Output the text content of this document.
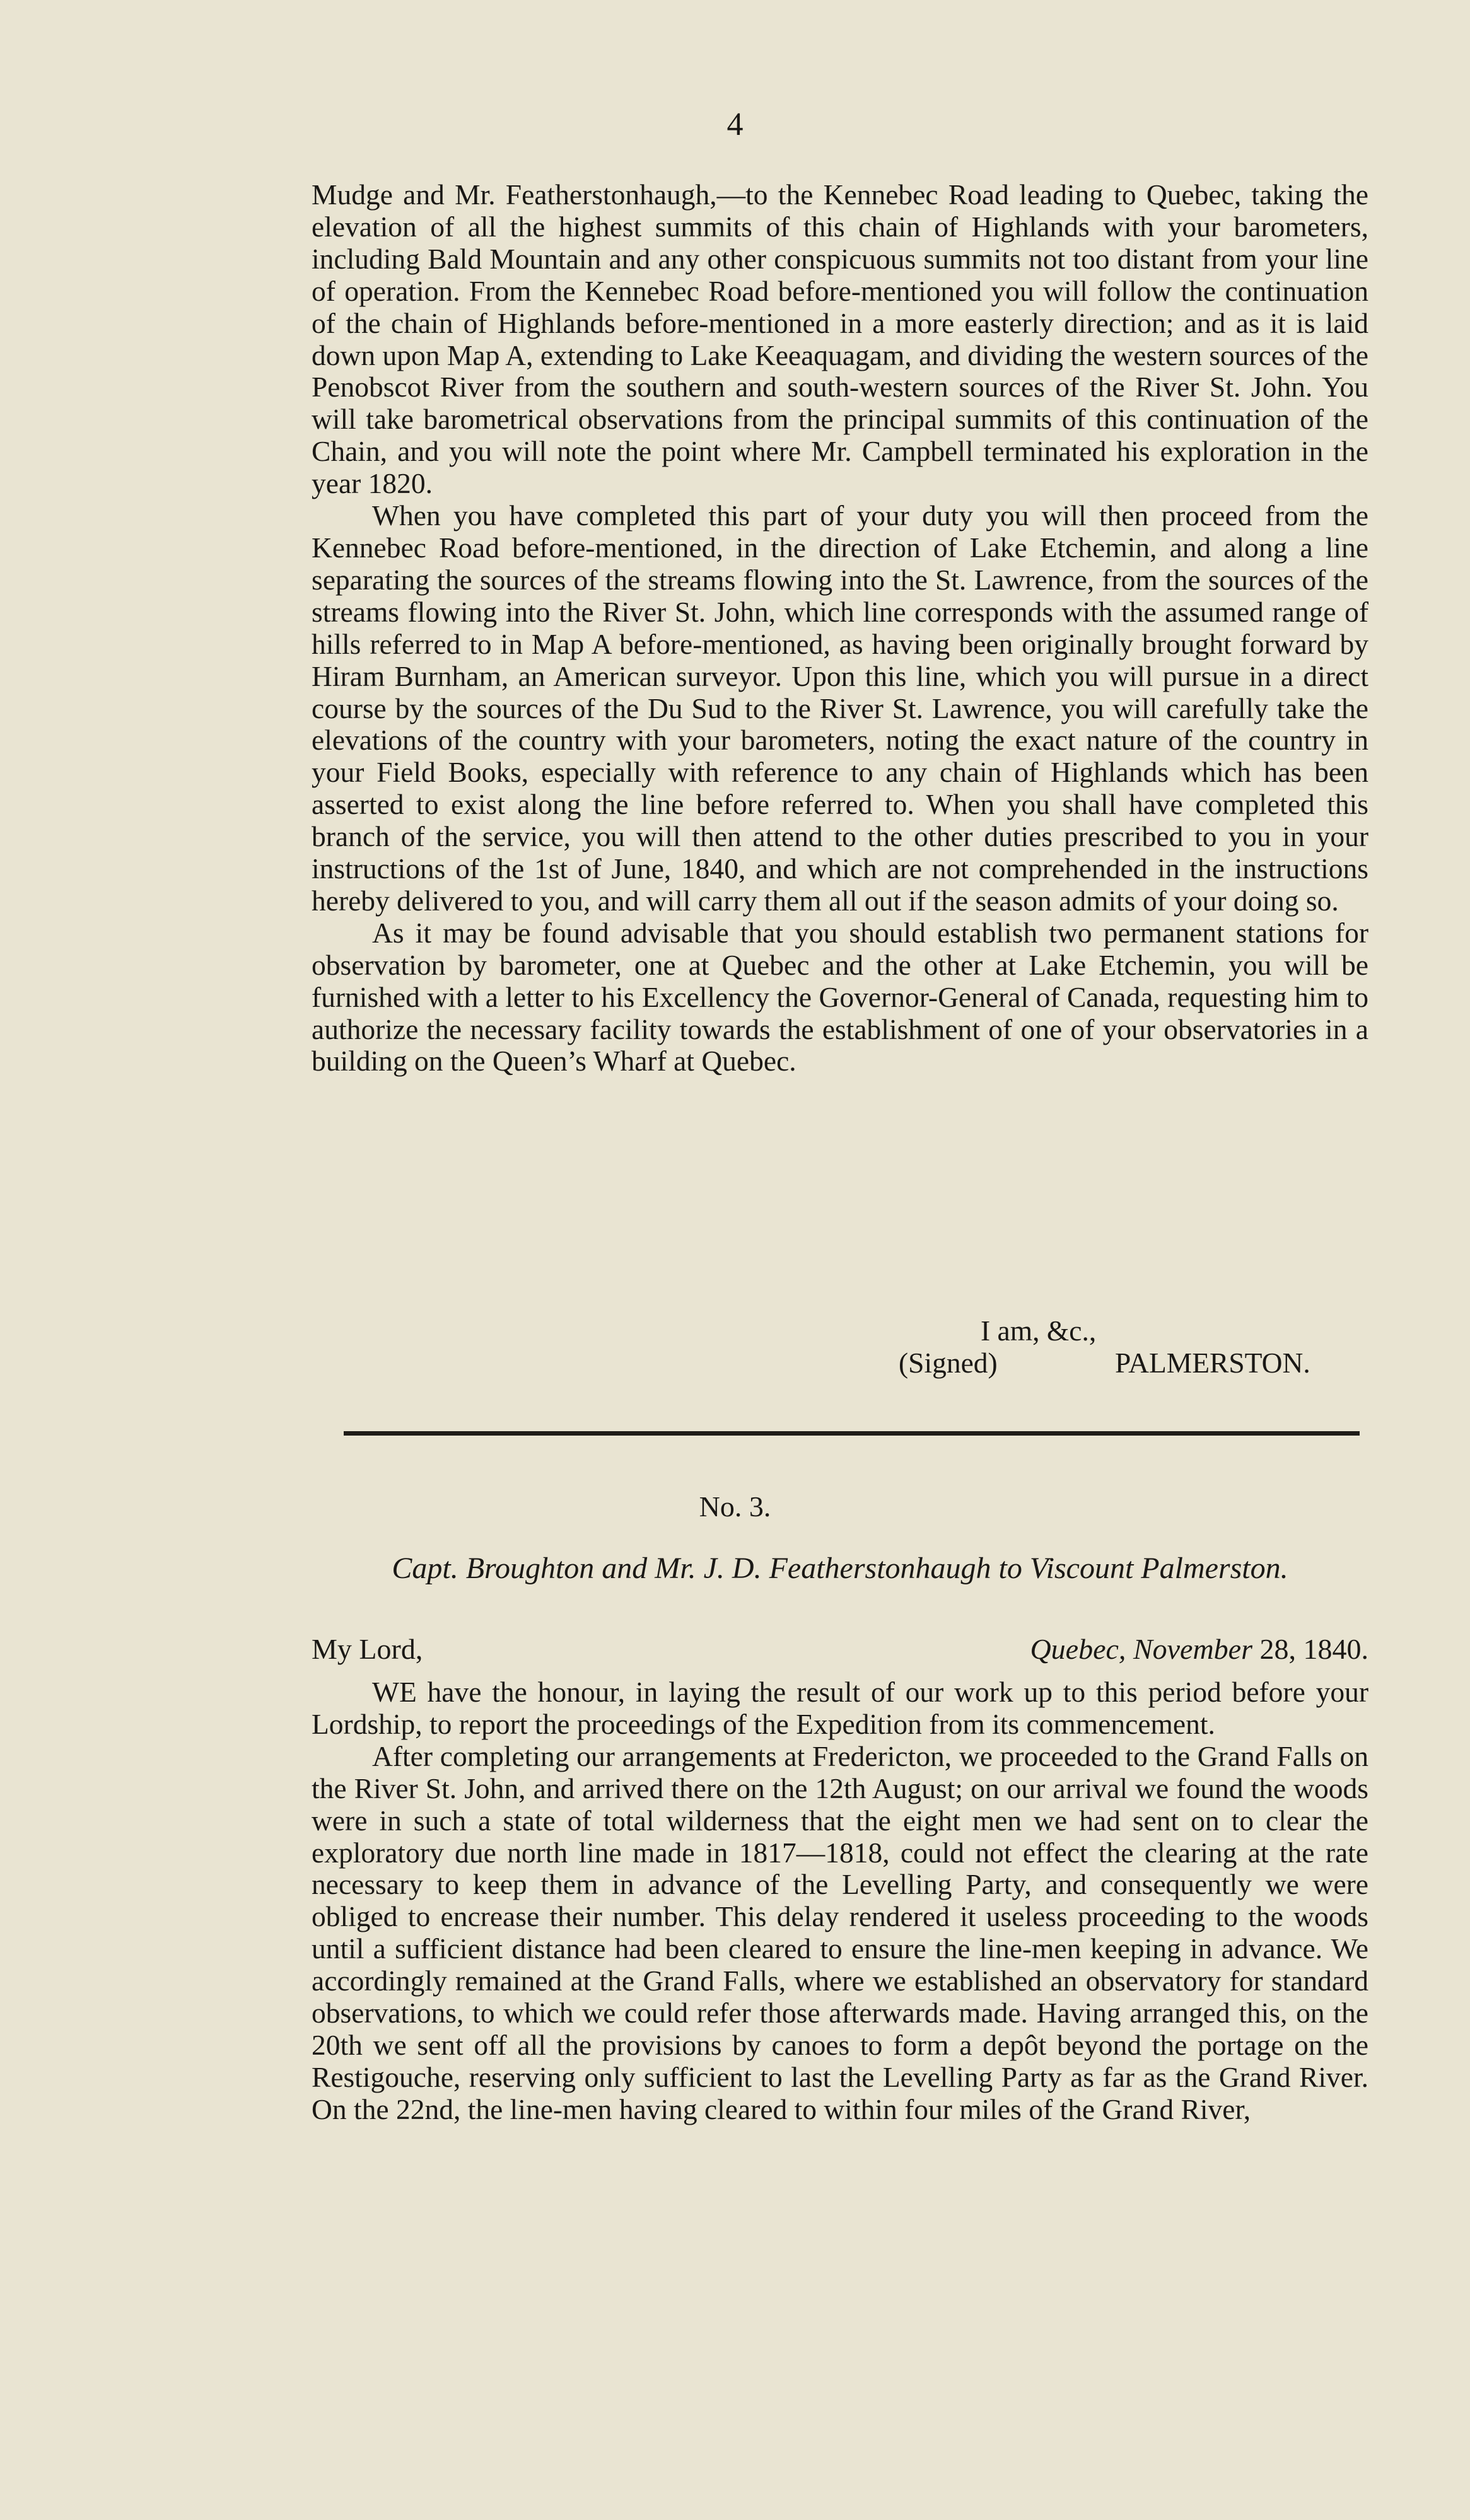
4

Mudge and Mr. Featherstonhaugh,—to the Kennebec Road leading to Quebec, taking the elevation of all the highest summits of this chain of Highlands with your barometers, including Bald Mountain and any other conspicuous summits not too distant from your line of operation. From the Kennebec Road before-mentioned you will follow the continuation of the chain of Highlands before-mentioned in a more easterly direction; and as it is laid down upon Map A, extending to Lake Keeaquagam, and dividing the western sources of the Penobscot River from the southern and south-western sources of the River St. John. You will take barometrical observations from the principal summits of this continuation of the Chain, and you will note the point where Mr. Campbell terminated his exploration in the year 1820.

When you have completed this part of your duty you will then proceed from the Kennebec Road before-mentioned, in the direction of Lake Etchemin, and along a line separating the sources of the streams flowing into the St. Lawrence, from the sources of the streams flowing into the River St. John, which line corresponds with the assumed range of hills referred to in Map A before-mentioned, as having been originally brought forward by Hiram Burnham, an American surveyor. Upon this line, which you will pursue in a direct course by the sources of the Du Sud to the River St. Lawrence, you will carefully take the elevations of the country with your barometers, noting the exact nature of the country in your Field Books, especially with reference to any chain of Highlands which has been asserted to exist along the line before referred to. When you shall have completed this branch of the service, you will then attend to the other duties prescribed to you in your instructions of the 1st of June, 1840, and which are not comprehended in the instructions hereby delivered to you, and will carry them all out if the season admits of your doing so.

As it may be found advisable that you should establish two permanent stations for observation by barometer, one at Quebec and the other at Lake Etchemin, you will be furnished with a letter to his Excellency the Governor-General of Canada, requesting him to authorize the necessary facility towards the establishment of one of your observatories in a building on the Queen’s Wharf at Quebec.

I am, &c.,
(Signed)	PALMERSTON.
No. 3.
Capt. Broughton and Mr. J. D. Featherstonhaugh to Viscount Palmerston.
My Lord,	Quebec, November 28, 1840.

WE have the honour, in laying the result of our work up to this period before your Lordship, to report the proceedings of the Expedition from its commencement.

After completing our arrangements at Fredericton, we proceeded to the Grand Falls on the River St. John, and arrived there on the 12th August; on our arrival we found the woods were in such a state of total wilderness that the eight men we had sent on to clear the exploratory due north line made in 1817—1818, could not effect the clearing at the rate necessary to keep them in advance of the Levelling Party, and consequently we were obliged to encrease their number. This delay rendered it useless proceeding to the woods until a sufficient distance had been cleared to ensure the line-men keeping in advance. We accordingly remained at the Grand Falls, where we established an observatory for standard observations, to which we could refer those afterwards made. Having arranged this, on the 20th we sent off all the provisions by canoes to form a depôt beyond the portage on the Restigouche, reserving only sufficient to last the Levelling Party as far as the Grand River. On the 22nd, the line-men having cleared to within four miles of the Grand River,
